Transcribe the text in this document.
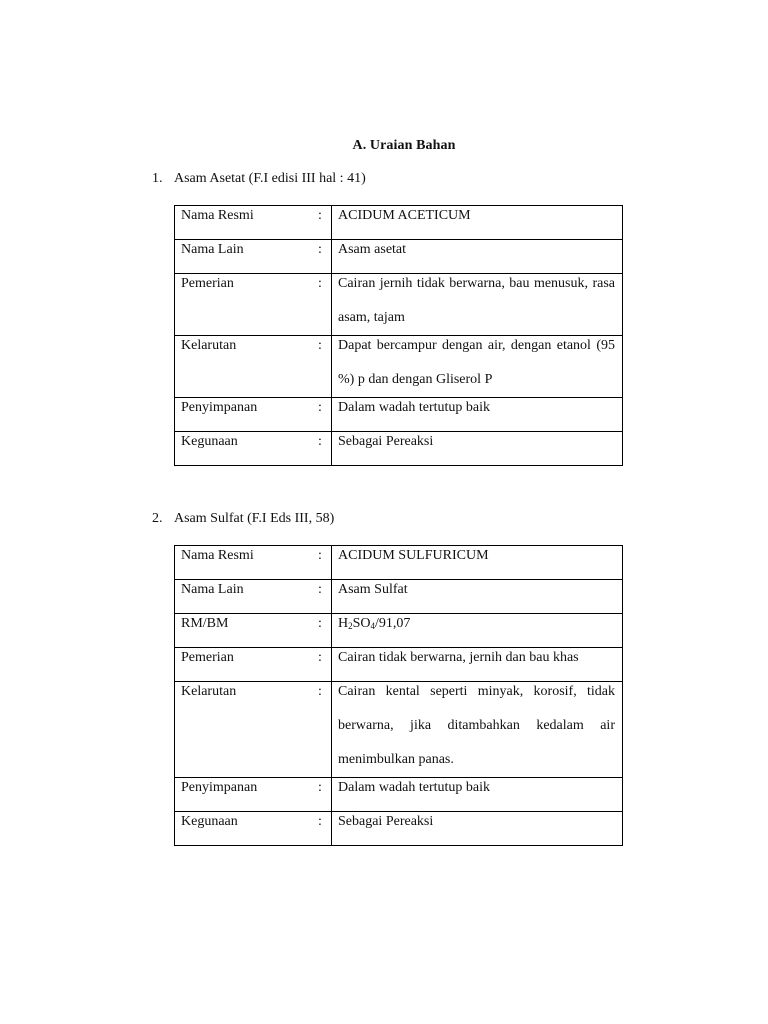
A. Uraian Bahan
1. Asam Asetat (F.I edisi III hal : 41)
Nama Resmi	:	ACIDUM ACETICUM

Nama Lain	:	Asam asetat

Pemerian	:	Cairan jernih tidak berwarna, bau menusuk, rasa asam, tajam

Kelarutan	:	Dapat bercampur dengan air, dengan etanol (95 %) p dan dengan Gliserol P

Penyimpanan	:	Dalam wadah tertutup baik

Kegunaan	:	Sebagai Pereaksi
2. Asam Sulfat (F.I Eds III, 58)
Nama Resmi	:	ACIDUM SULFURICUM

Nama Lain	:	Asam Sulfat

RM/BM	:	$H_2SO_4/91,07$

Pemerian	:	Cairan tidak berwarna, jernih dan bau khas

Kelarutan	:	Cairan kental seperti minyak, korosif, tidak berwarna, jika ditambahkan kedalam air menimbulkan panas.

Penyimpanan	:	Dalam wadah tertutup baik

Kegunaan	:	Sebagai Pereaksi
